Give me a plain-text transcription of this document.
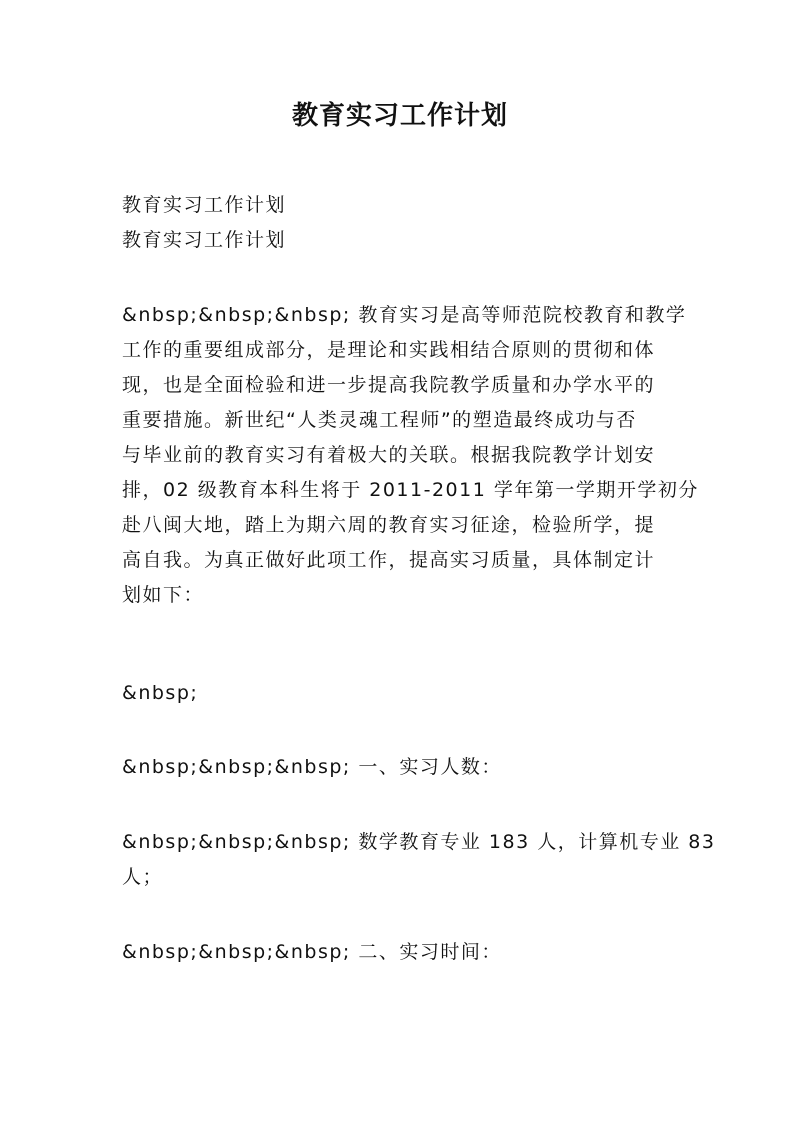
教育实习工作计划
教育实习工作计划
教育实习工作计划
&nbsp;&nbsp;&nbsp; 教育实习是高等师范院校教育和教学
工作的重要组成部分，是理论和实践相结合原则的贯彻和体
现，也是全面检验和进一步提高我院教学质量和办学水平的
重要措施。新世纪“人类灵魂工程师”的塑造最终成功与否
与毕业前的教育实习有着极大的关联。根据我院教学计划安
排，02 级教育本科生将于 2011-2011 学年第一学期开学初分
赴八闽大地，踏上为期六周的教育实习征途，检验所学，提
高自我。为真正做好此项工作，提高实习质量，具体制定计
划如下：
&nbsp;
&nbsp;&nbsp;&nbsp; 一、实习人数：
&nbsp;&nbsp;&nbsp; 数学教育专业 183 人，计算机专业 83
人；
&nbsp;&nbsp;&nbsp; 二、实习时间：
